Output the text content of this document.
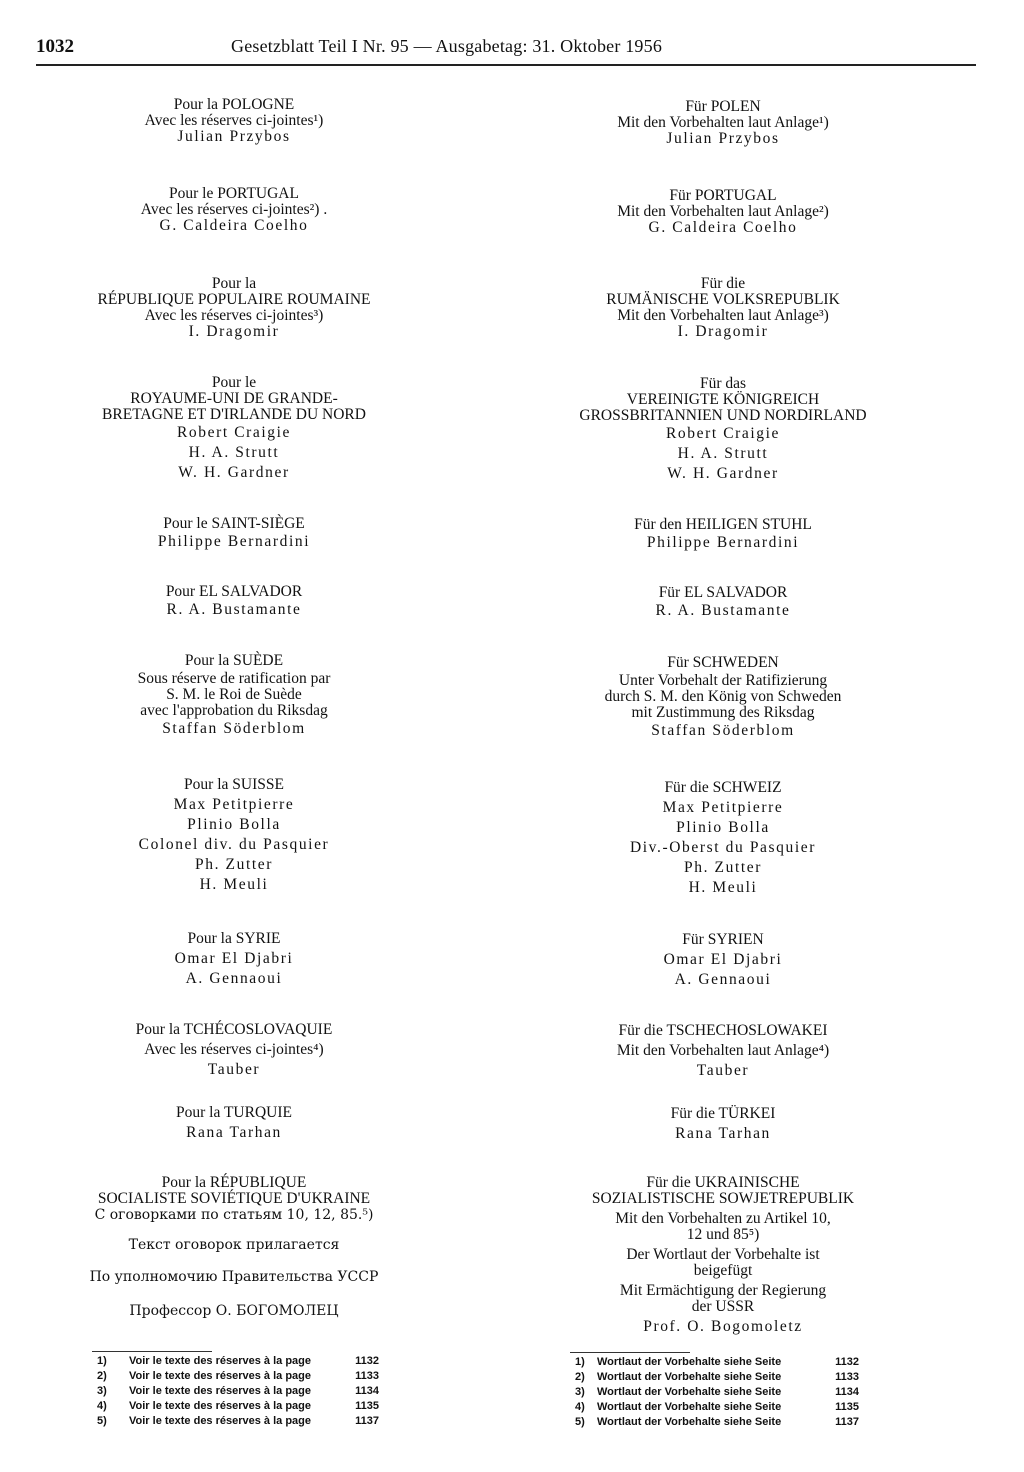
1032	Gesetzblatt Teil I Nr. 95 — Ausgabetag: 31. Oktober 1956
Pour la POLOGNE
Avec les réserves ci-jointes¹)
Julian Przybos
Pour le PORTUGAL
Avec les réserves ci-jointes²) .
G. Caldeira Coelho
Pour la
RÉPUBLIQUE POPULAIRE ROUMAINE
Avec les réserves ci-jointes³)
I. Dragomir
Pour le
ROYAUME-UNI DE GRANDE-
BRETAGNE ET D'IRLANDE DU NORD
Robert Craigie
H. A. Strutt
W. H. Gardner
Pour le SAINT-SIÈGE
Philippe Bernardini
Pour EL SALVADOR
R. A. Bustamante
Pour la SUÈDE
Sous réserve de ratification par
S. M. le Roi de Suède
avec l'approbation du Riksdag
Staffan Söderblom
Pour la SUISSE
Max Petitpierre
Plinio Bolla
Colonel div. du Pasquier
Ph. Zutter
H. Meuli
Pour la SYRIE
Omar El Djabri
A. Gennaoui
Pour la TCHÉCOSLOVAQUIE
Avec les réserves ci-jointes⁴)
Tauber
Pour la TURQUIE
Rana Tarhan
Pour la RÉPUBLIQUE
SOCIALISTE SOVIÉTIQUE D'UKRAINE
С оговорками по статьям 10, 12, 85.⁵)
Текст оговорок прилагается
По уполномочию Правительства УССР
Профессор О. БОГОМОЛЕЦ
Für POLEN
Mit den Vorbehalten laut Anlage¹)
Julian Przybos
Für PORTUGAL
Mit den Vorbehalten laut Anlage²)
G. Caldeira Coelho
Für die
RUMÄNISCHE VOLKSREPUBLIK
Mit den Vorbehalten laut Anlage³)
I. Dragomir
Für das
VEREINIGTE KÖNIGREICH
GROSSBRITANNIEN UND NORDIRLAND
Robert Craigie
H. A. Strutt
W. H. Gardner
Für den HEILIGEN STUHL
Philippe Bernardini
Für EL SALVADOR
R. A. Bustamante
Für SCHWEDEN
Unter Vorbehalt der Ratifizierung
durch S. M. den König von Schweden
mit Zustimmung des Riksdag
Staffan Söderblom
Für die SCHWEIZ
Max Petitpierre
Plinio Bolla
Div.-Oberst du Pasquier
Ph. Zutter
H. Meuli
Für SYRIEN
Omar El Djabri
A. Gennaoui
Für die TSCHECHOSLOWAKEI
Mit den Vorbehalten laut Anlage⁴)
Tauber
Für die TÜRKEI
Rana Tarhan
Für die UKRAINISCHE
SOZIALISTISCHE SOWJETREPUBLIK
Mit den Vorbehalten zu Artikel 10,
12 und 85⁵)
Der Wortlaut der Vorbehalte ist
beigefügt
Mit Ermächtigung der Regierung
der USSR
Prof. O. Bogomoletz
1) Voir le texte des réserves à la page	1132
2) Voir le texte des réserves à la page	1133
3) Voir le texte des réserves à la page	1134
4) Voir le texte des réserves à la page	1135
5) Voir le texte des réserves à la page	1137
1) Wortlaut der Vorbehalte siehe Seite	1132
2) Wortlaut der Vorbehalte siehe Seite	1133
3) Wortlaut der Vorbehalte siehe Seite	1134
4) Wortlaut der Vorbehalte siehe Seite	1135
5) Wortlaut der Vorbehalte siehe Seite	1137
